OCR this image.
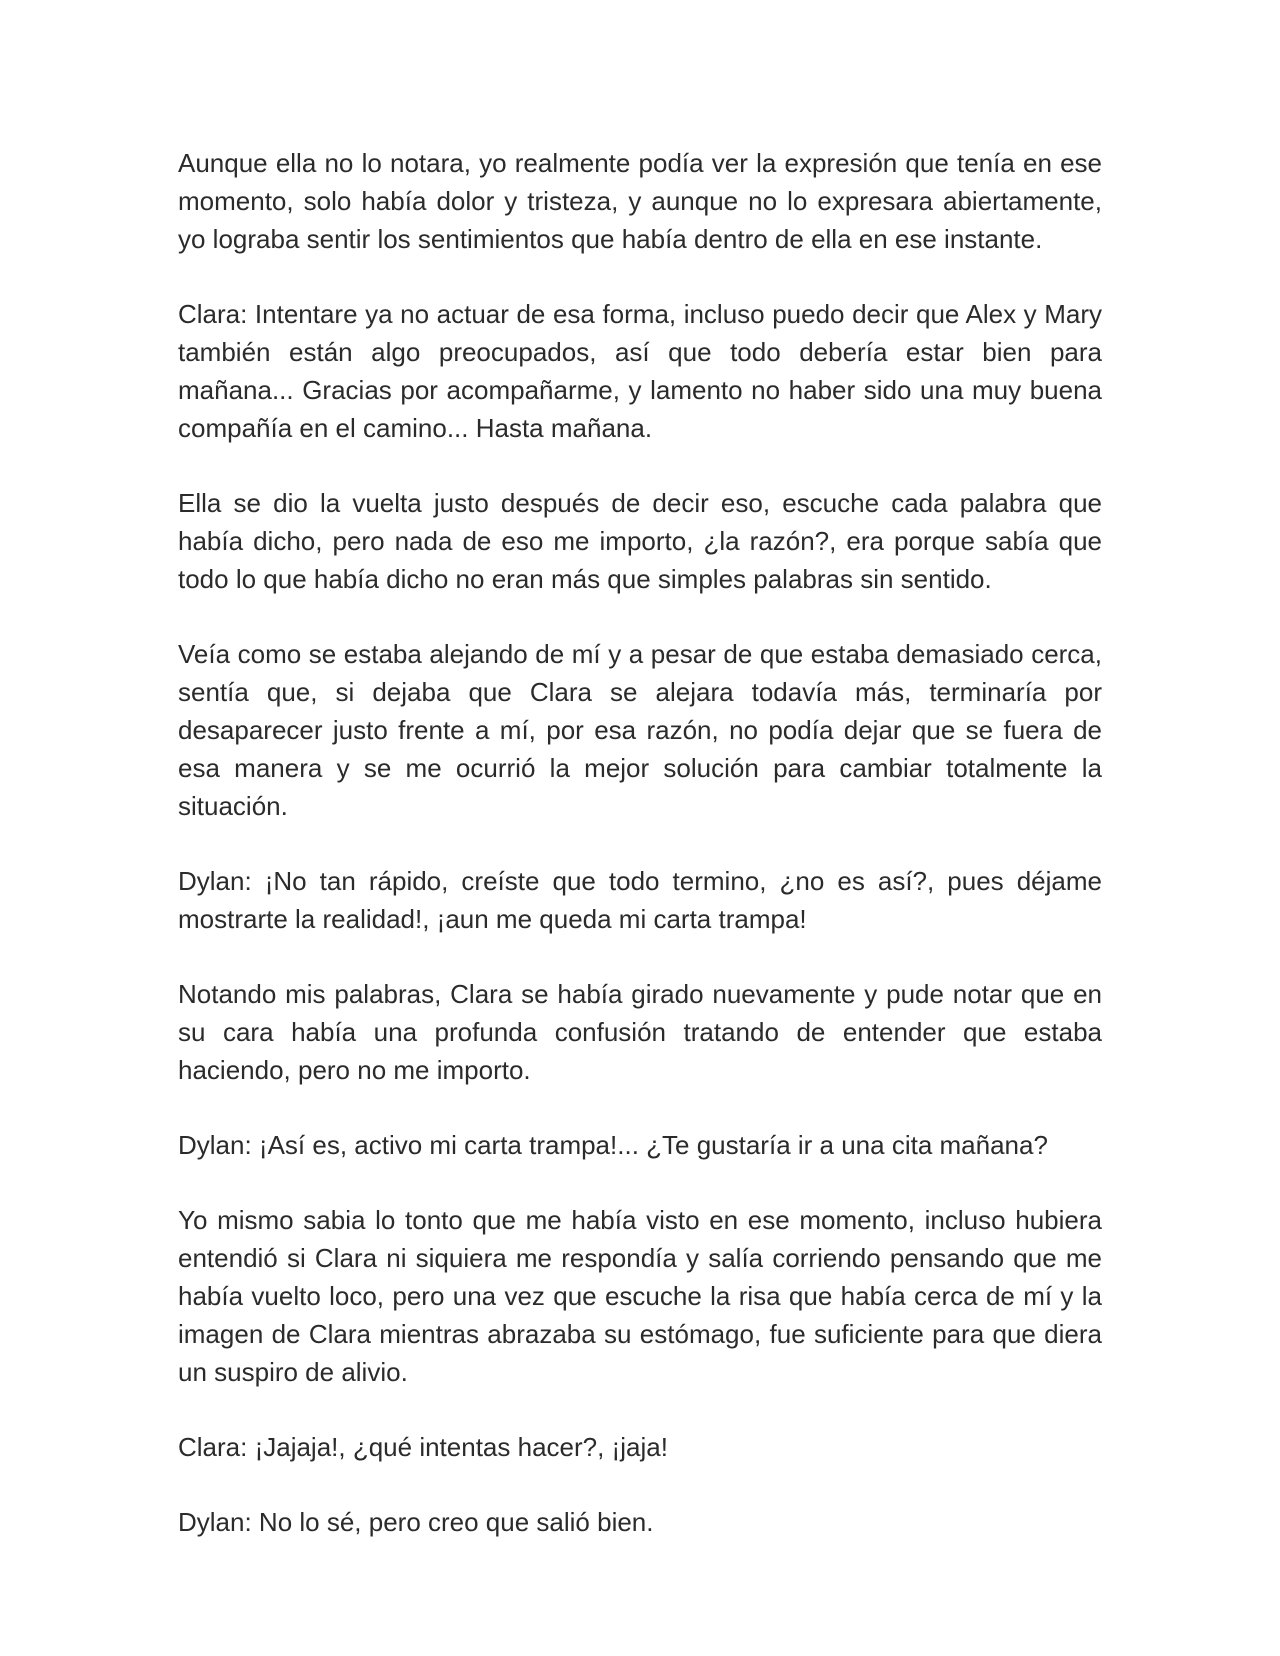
Aunque ella no lo notara, yo realmente podía ver la expresión que tenía en ese momento, solo había dolor y tristeza, y aunque no lo expresara abiertamente, yo lograba sentir los sentimientos que había dentro de ella en ese instante.

Clara: Intentare ya no actuar de esa forma, incluso puedo decir que Alex y Mary también están algo preocupados, así que todo debería estar bien para mañana... Gracias por acompañarme, y lamento no haber sido una muy buena compañía en el camino... Hasta mañana.

Ella se dio la vuelta justo después de decir eso, escuche cada palabra que había dicho, pero nada de eso me importo, ¿la razón?, era porque sabía que todo lo que había dicho no eran más que simples palabras sin sentido.

Veía como se estaba alejando de mí y a pesar de que estaba demasiado cerca, sentía que, si dejaba que Clara se alejara todavía más, terminaría por desaparecer justo frente a mí, por esa razón, no podía dejar que se fuera de esa manera y se me ocurrió la mejor solución para cambiar totalmente la situación.

Dylan: ¡No tan rápido, creíste que todo termino, ¿no es así?, pues déjame mostrarte la realidad!, ¡aun me queda mi carta trampa!

Notando mis palabras, Clara se había girado nuevamente y pude notar que en su cara había una profunda confusión tratando de entender que estaba haciendo, pero no me importo.

Dylan: ¡Así es, activo mi carta trampa!... ¿Te gustaría ir a una cita mañana?

Yo mismo sabia lo tonto que me había visto en ese momento, incluso hubiera entendió si Clara ni siquiera me respondía y salía corriendo pensando que me había vuelto loco, pero una vez que escuche la risa que había cerca de mí y la imagen de Clara mientras abrazaba su estómago, fue suficiente para que diera un suspiro de alivio.

Clara: ¡Jajaja!, ¿qué intentas hacer?, ¡jaja!

Dylan: No lo sé, pero creo que salió bien.
